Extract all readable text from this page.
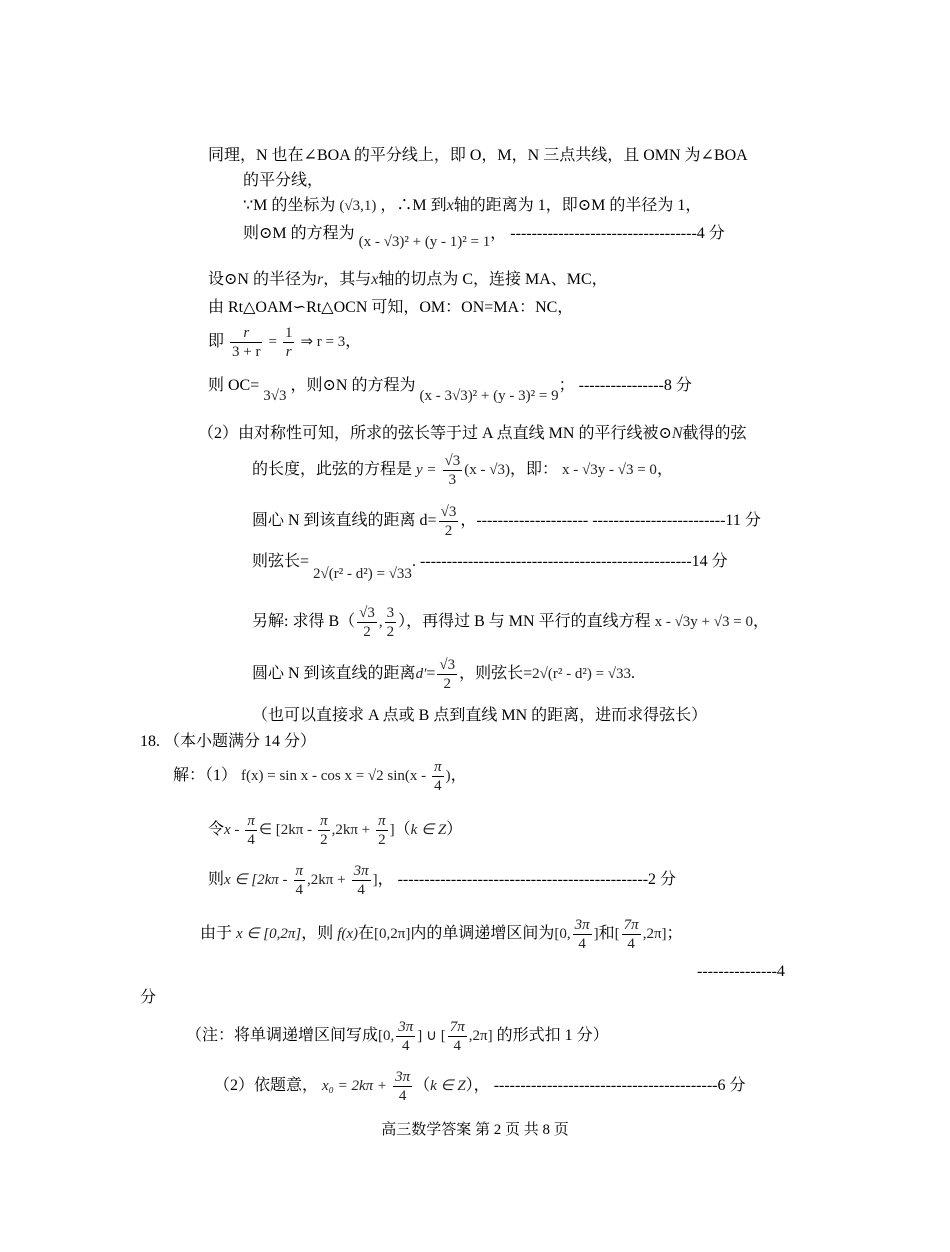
同理，N 也在∠BOA 的平分线上，即 O，M，N 三点共线，且 OMN 为∠BOA
的平分线，
∵M 的坐标为 (√3,1) ，∴M 到x轴的距离为 1，即⊙M 的半径为 1，
则⊙M 的方程为 (x - √3)² + (y - 1)² = 1， -----------------------------------4 分
设⊙N 的半径为r，其与x轴的切点为 C，连接 MA、MC，
由 Rt△OAM∽Rt△OCN 可知，OM：ON=MA：NC，
即 $\frac{r}{3 + r} = \frac{1}{r}$ ⇒ r = 3，
则 OC= 3√3 ，则⊙N 的方程为 (x - 3√3)² + (y - 3)² = 9； ----------------8 分
（2）由对称性可知，所求的弦长等于过 A 点直线 MN 的平行线被⊙N截得的弦
的长度，此弦的方程是 $y = \frac{√3}{3} (x - √3)$，即： x - √3y - √3 = 0，
圆心 N 到该直线的距离 $d= \frac{√3}{2}$ ，--------------------- -------------------------11 分
则弦长= 2√(r² - d²) = √33. ---------------------------------------------------14 分
另解: 求得 $B( \frac{√3}{2}$ , $\frac{3}{2}$ ），再得过 B 与 MN 平行的直线方程 x - √3y + √3 = 0，
圆心 N 到该直线的距离$d'= \frac{√3}{2}$ ，则弦长=2√(r² - d²) = √33.
（也可以直接求 A 点或 B 点到直线 MN 的距离，进而求得弦长）
18. （本小题满分 14 分）
解：（1） f(x) = sin x - cos x = √2 $\sin(x - \frac{\pi}{4}$ )，
令x - $\frac{\pi}{4}$ ∈ $[2k\pi - \frac{\pi}{2} ,2k\pi + \frac{\pi}{2} ](k$ ∈ Z）
则x ∈ [$2k\pi - \frac{\pi}{4} ,2k\pi + \frac{3\pi}{4}$ ]， -----------------------------------------------2 分
由于 x ∈ [0,2π]，则 f(x)在[0,2π]内的单调递增区间为[0, $\frac{3\pi}{4}$ ]和[ $\frac{7\pi}{4} ,2\pi$]；
---------------4
分
（注：将单调递增区间写成[0, $\frac{3\pi}{4}$ ] ∪ [ $\frac{7\pi}{4} ,2\pi$] 的形式扣 1 分）
（2）依题意， $x_0 = 2k\pi + \frac{3\pi}{4} (k$ ∈ Z）， ------------------------------------------6 分
高三数学答案 第 2 页 共 8 页
